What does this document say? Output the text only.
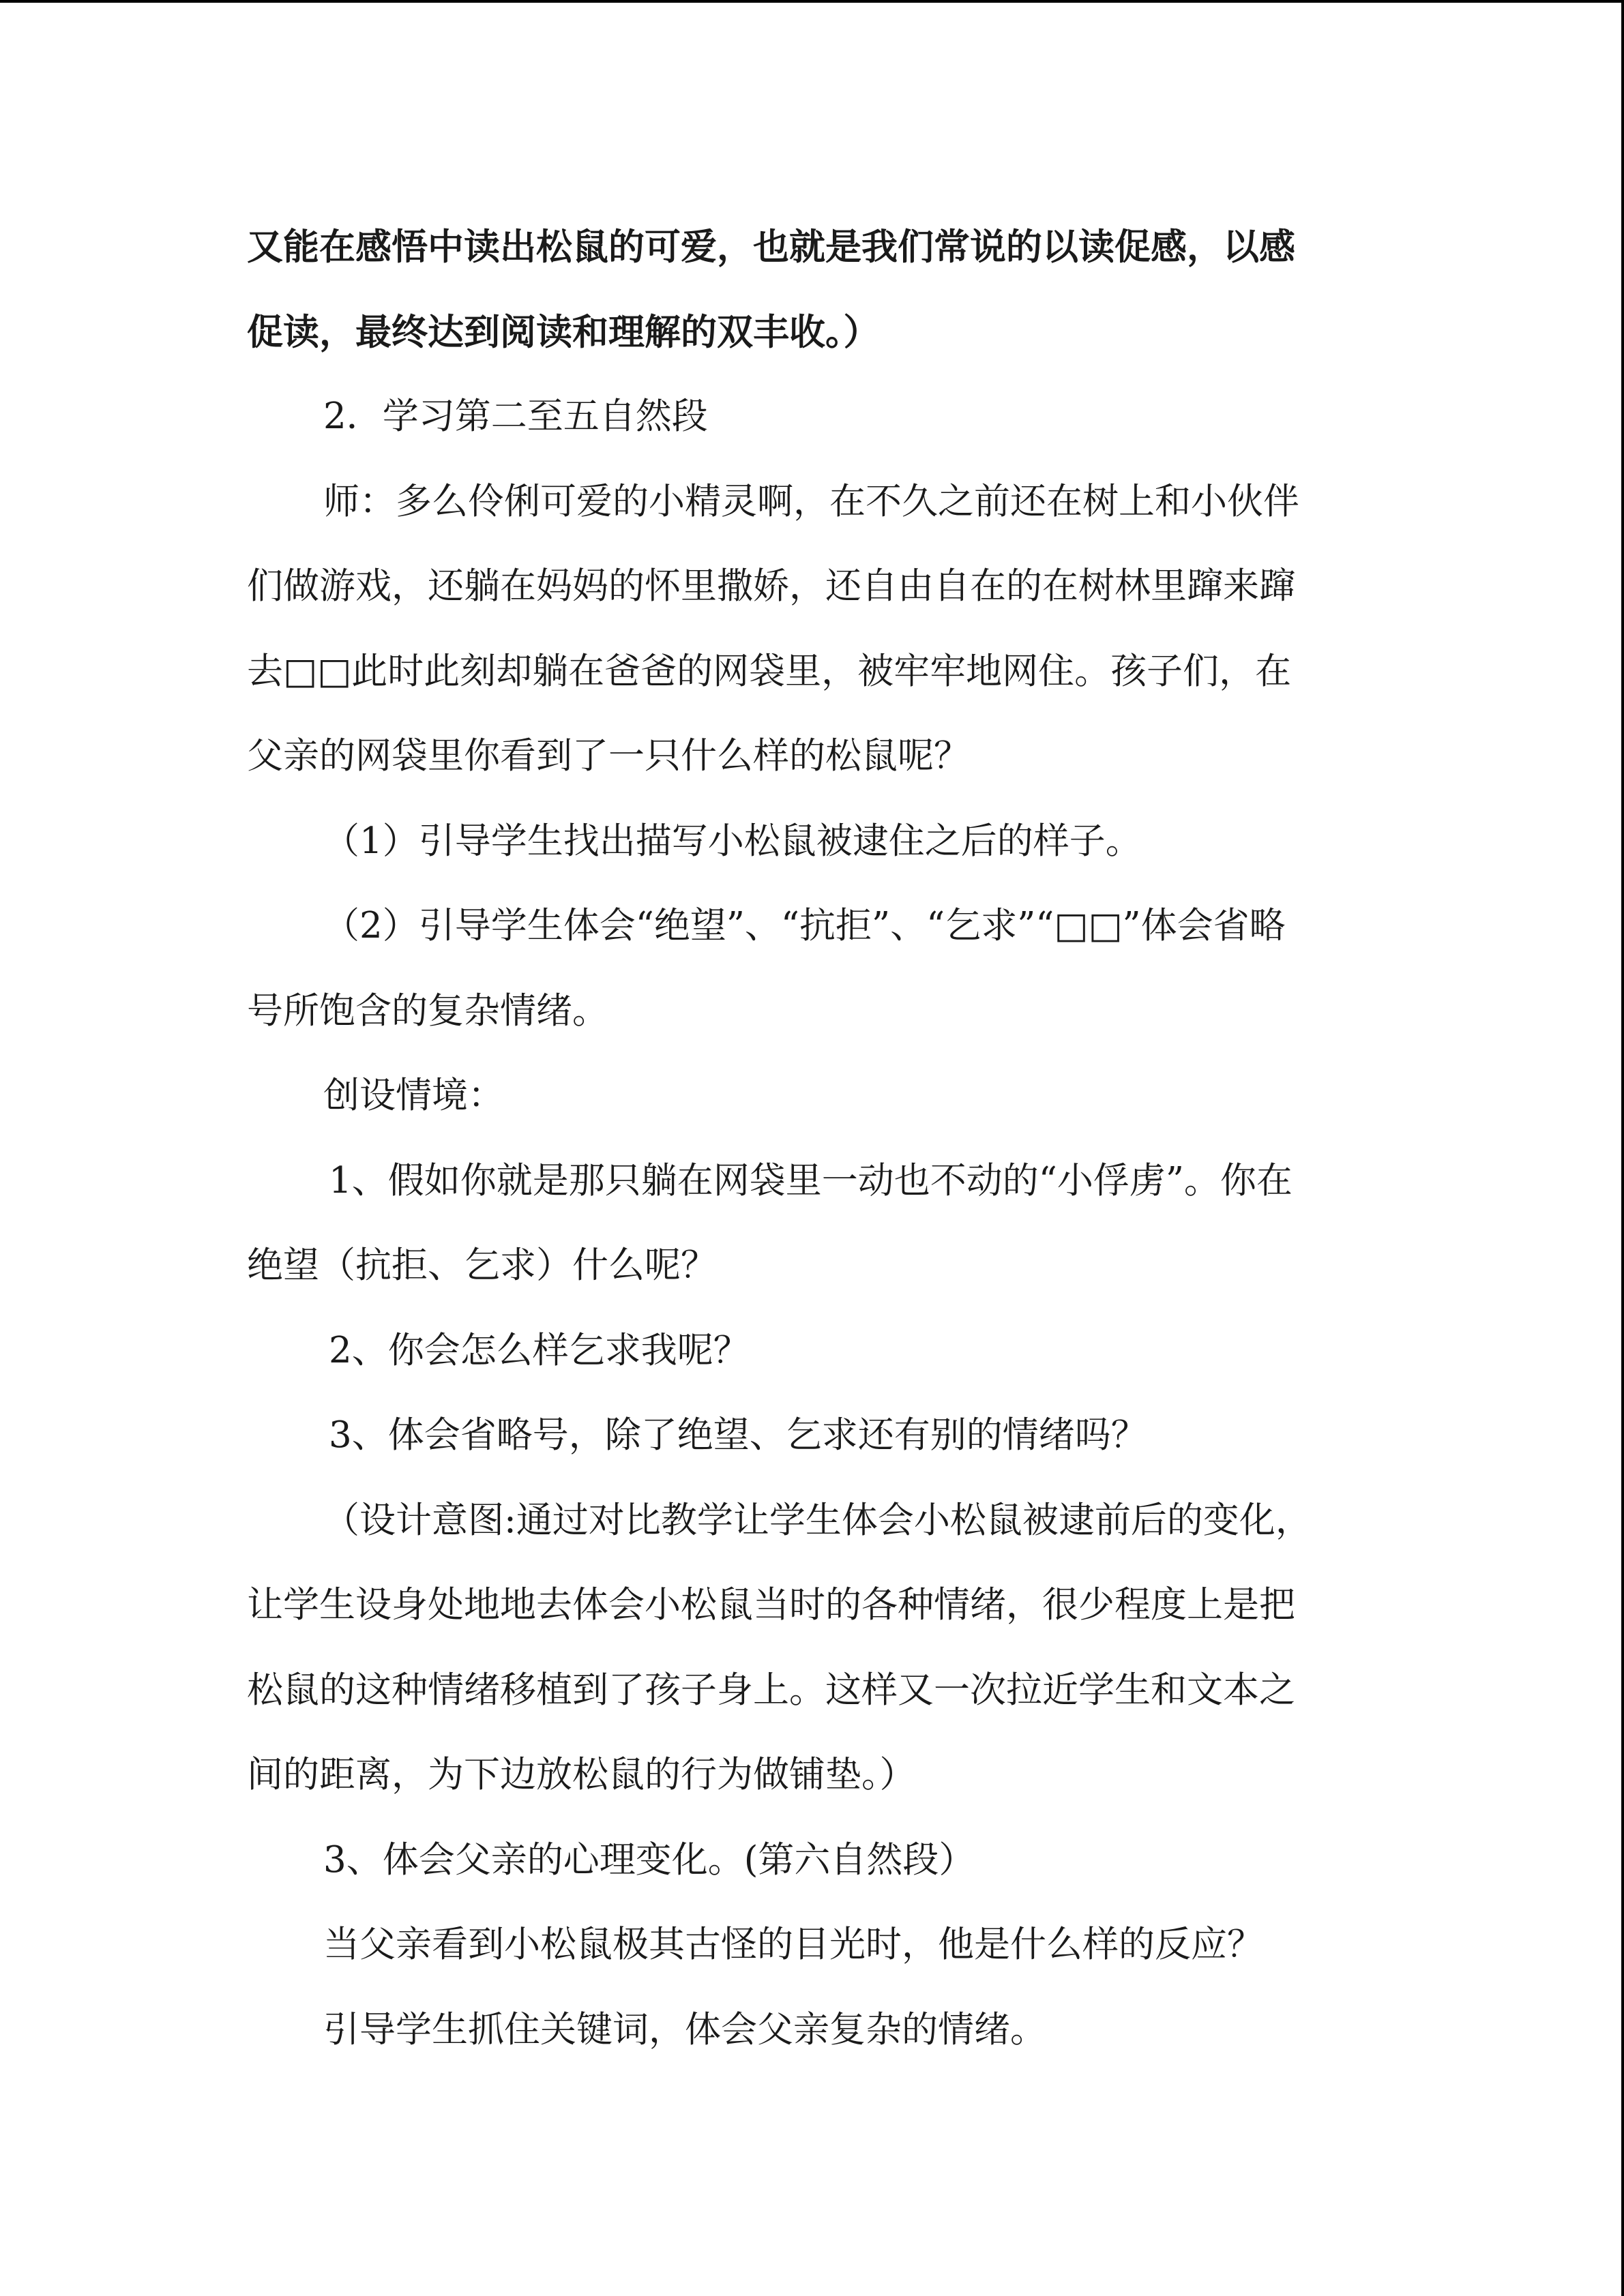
又能在感悟中读出松鼠的可爱，也就是我们常说的以读促感，以感
促读，最终达到阅读和理解的双丰收。）
2．学习第二至五自然段
师：多么伶俐可爱的小精灵啊，在不久之前还在树上和小伙伴
们做游戏，还躺在妈妈的怀里撒娇，还自由自在的在树林里蹿来蹿
去□□此时此刻却躺在爸爸的网袋里，被牢牢地网住。孩子们，在
父亲的网袋里你看到了一只什么样的松鼠呢？
（1）引导学生找出描写小松鼠被逮住之后的样子。
（2）引导学生体会“绝望”、“抗拒”、“乞求”“□□”体会省略
号所饱含的复杂情绪。
创设情境：
1、假如你就是那只躺在网袋里一动也不动的“小俘虏”。你在
绝望（抗拒、乞求）什么呢？
2、你会怎么样乞求我呢？
3、体会省略号，除了绝望、乞求还有别的情绪吗？
（设计意图:通过对比教学让学生体会小松鼠被逮前后的变化，
让学生设身处地地去体会小松鼠当时的各种情绪，很少程度上是把
松鼠的这种情绪移植到了孩子身上。这样又一次拉近学生和文本之
间的距离，为下边放松鼠的行为做铺垫。）
3、体会父亲的心理变化。(第六自然段）
当父亲看到小松鼠极其古怪的目光时，他是什么样的反应？
引导学生抓住关键词，体会父亲复杂的情绪。
